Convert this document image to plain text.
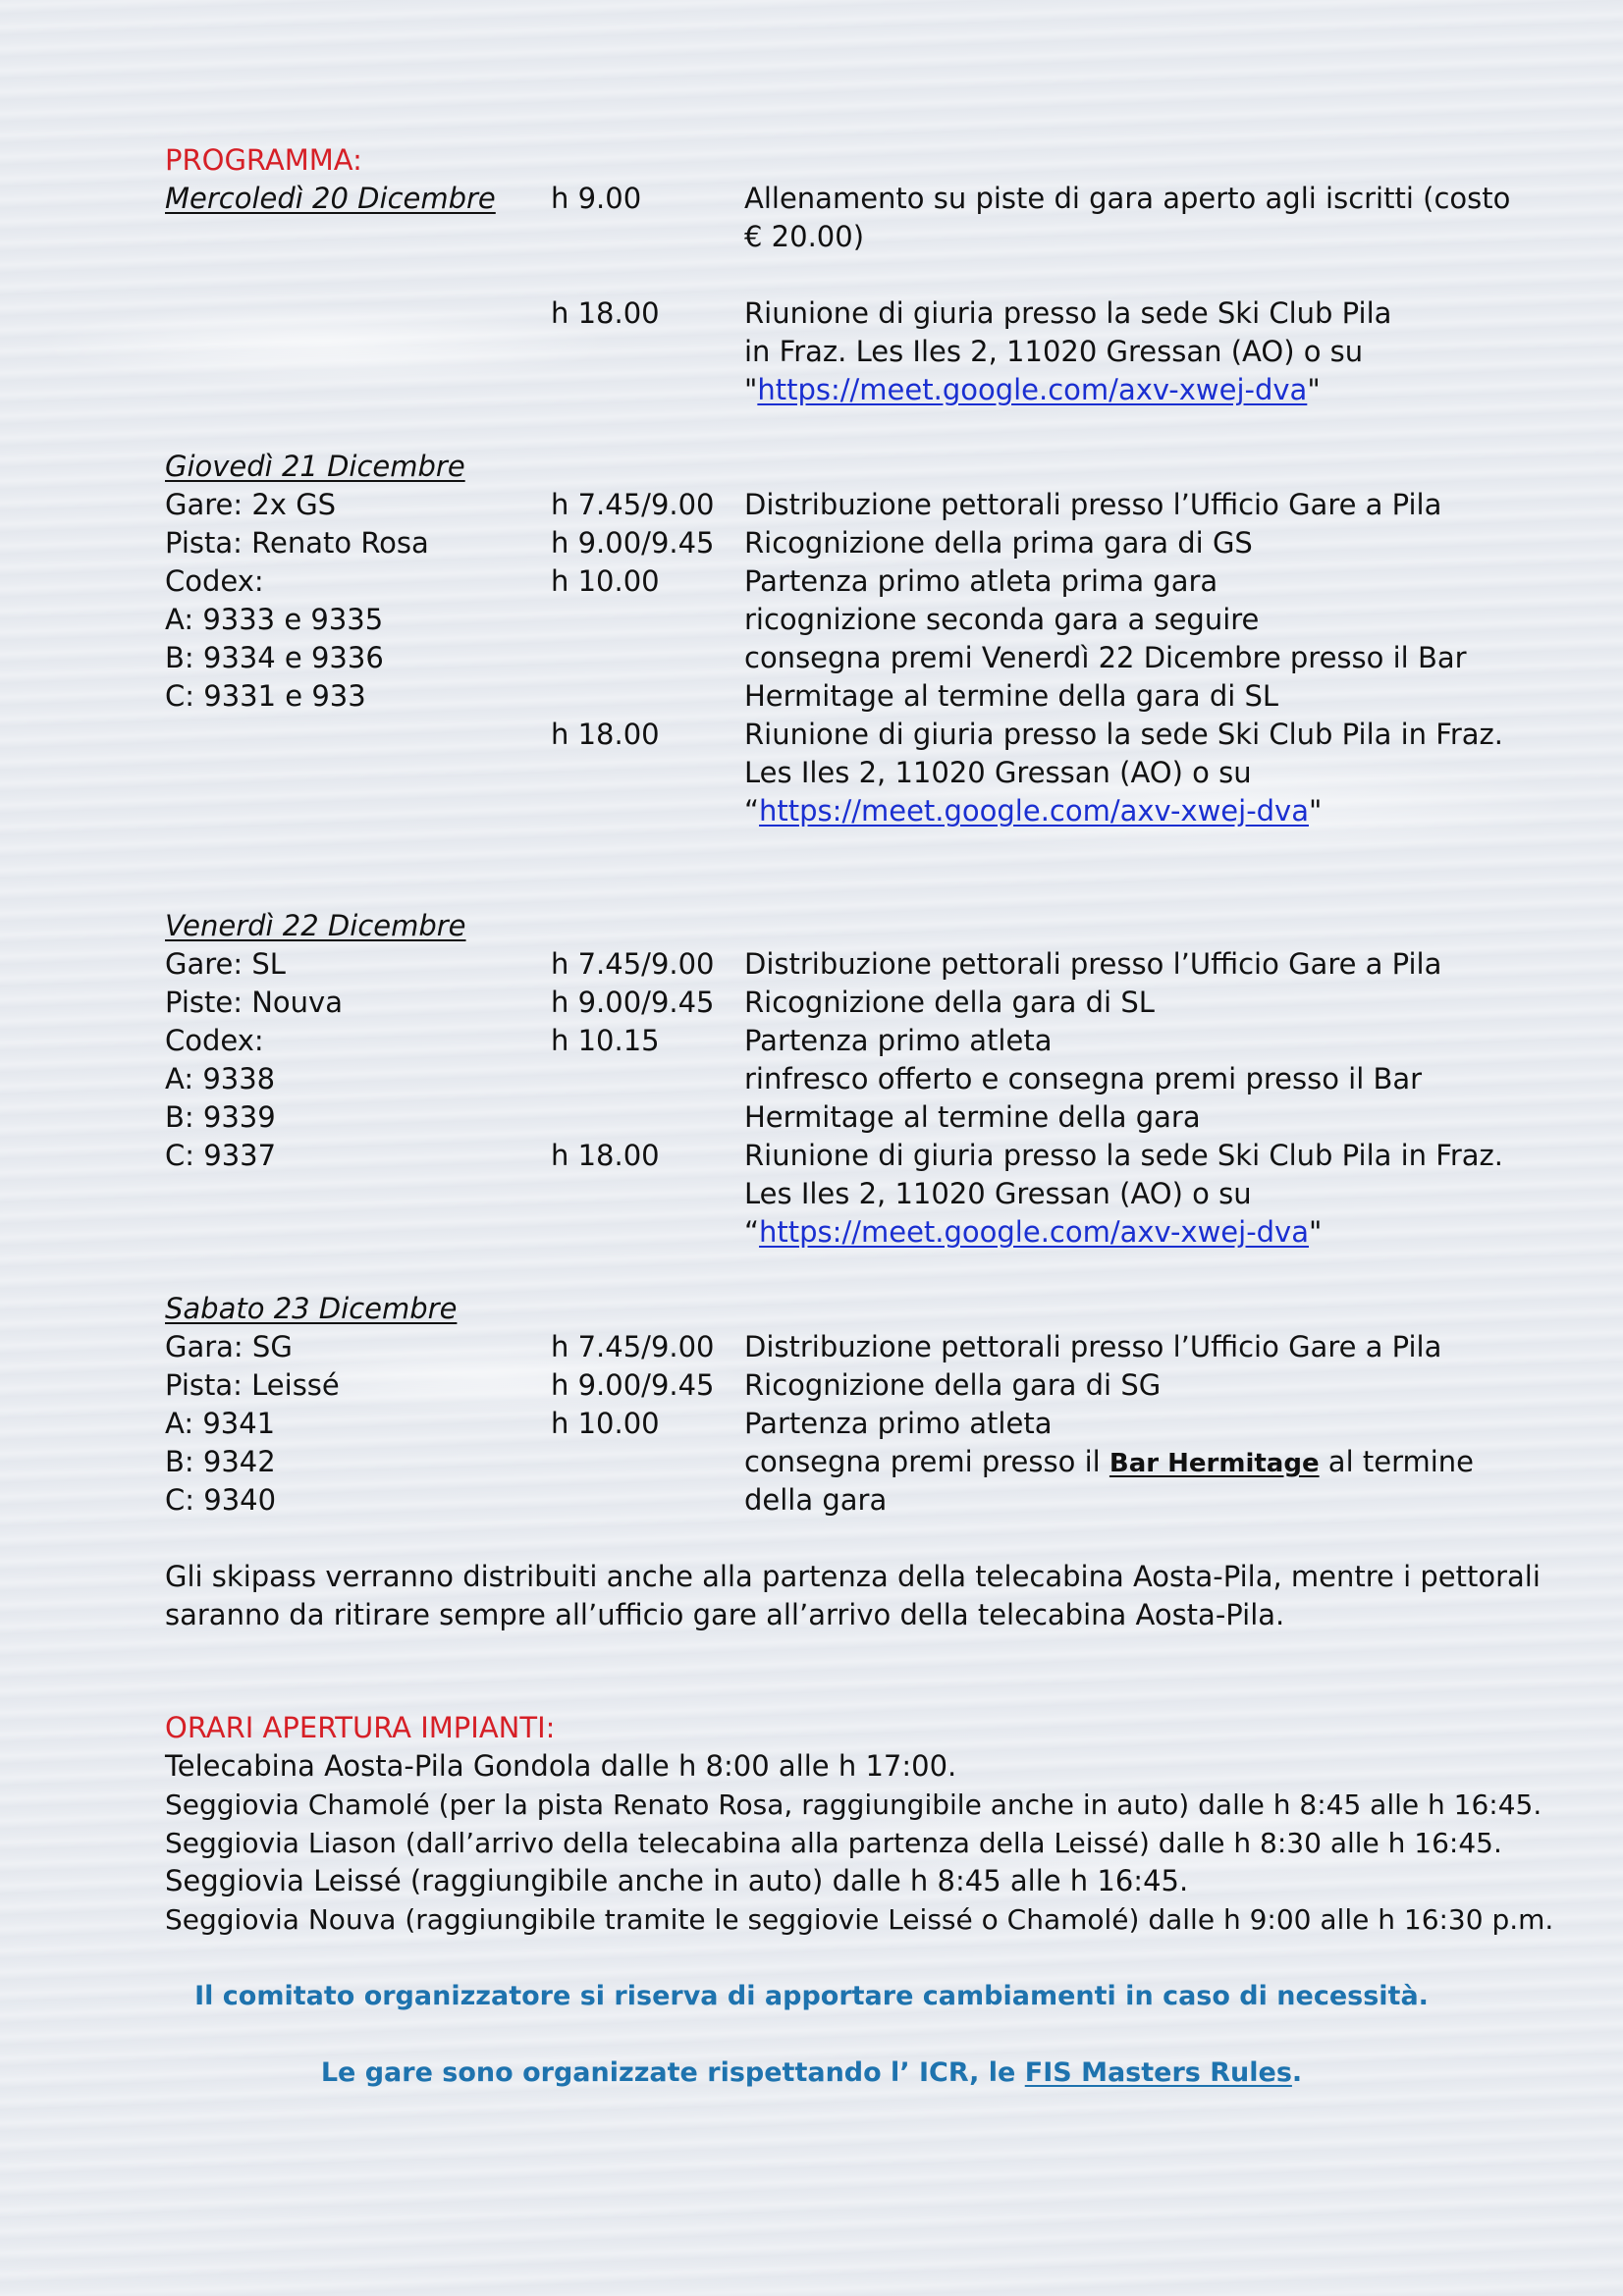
PROGRAMMA:
Mercoledì 20 Dicembre h 9.00	Allenamento su piste di gara aperto agli iscritti (costo
€ 20.00)
h 18.00	Riunione di giuria presso la sede Ski Club Pila
in Fraz. Les Iles 2, 11020 Gressan (AO) o su
"https://meet.google.com/axv-xwej-dva"
Giovedì 21 Dicembre
Gare: 2x GS
Pista: Renato Rosa
Codex:
A: 9333 e 9335
B: 9334 e 9336
C: 9331 e 933
h 7.45/9.00
h 9.00/9.45
h 10.00
h 18.00
Distribuzione pettorali presso l’Ufficio Gare a Pila
Ricognizione della prima gara di GS
Partenza primo atleta prima gara
ricognizione seconda gara a seguire
consegna premi Venerdì 22 Dicembre presso il Bar
Hermitage al termine della gara di SL
Riunione di giuria presso la sede Ski Club Pila in Fraz.
Les Iles 2, 11020 Gressan (AO) o su
“https://meet.google.com/axv-xwej-dva"
Venerdì 22 Dicembre
Gare: SL
Piste: Nouva
Codex:
A: 9338
B: 9339
C: 9337
h 7.45/9.00
h 9.00/9.45
h 10.15
h 18.00
Distribuzione pettorali presso l’Ufficio Gare a Pila
Ricognizione della gara di SL
Partenza primo atleta
rinfresco offerto e consegna premi presso il Bar
Hermitage al termine della gara
Riunione di giuria presso la sede Ski Club Pila in Fraz.
Les Iles 2, 11020 Gressan (AO) o su
“https://meet.google.com/axv-xwej-dva"
Sabato 23 Dicembre
Gara: SG
Pista: Leissé
A: 9341
B: 9342
C: 9340
h 7.45/9.00
h 9.00/9.45
h 10.00
Distribuzione pettorali presso l’Ufficio Gare a Pila
Ricognizione della gara di SG
Partenza primo atleta
consegna premi presso il Bar Hermitage al termine
della gara
Gli skipass verranno distribuiti anche alla partenza della telecabina Aosta-Pila, mentre i pettorali
saranno da ritirare sempre all’ufficio gare all’arrivo della telecabina Aosta-Pila.
ORARI APERTURA IMPIANTI:
Telecabina Aosta-Pila Gondola dalle h 8:00 alle h 17:00.
Seggiovia Chamolé (per la pista Renato Rosa, raggiungibile anche in auto) dalle h 8:45 alle h 16:45.
Seggiovia Liason (dall’arrivo della telecabina alla partenza della Leissé) dalle h 8:30 alle h 16:45.
Seggiovia Leissé (raggiungibile anche in auto) dalle h 8:45 alle h 16:45.
Seggiovia Nouva (raggiungibile tramite le seggiovie Leissé o Chamolé) dalle h 9:00 alle h 16:30 p.m.
Il comitato organizzatore si riserva di apportare cambiamenti in caso di necessità.
Le gare sono organizzate rispettando l’ ICR, le FIS Masters Rules.
